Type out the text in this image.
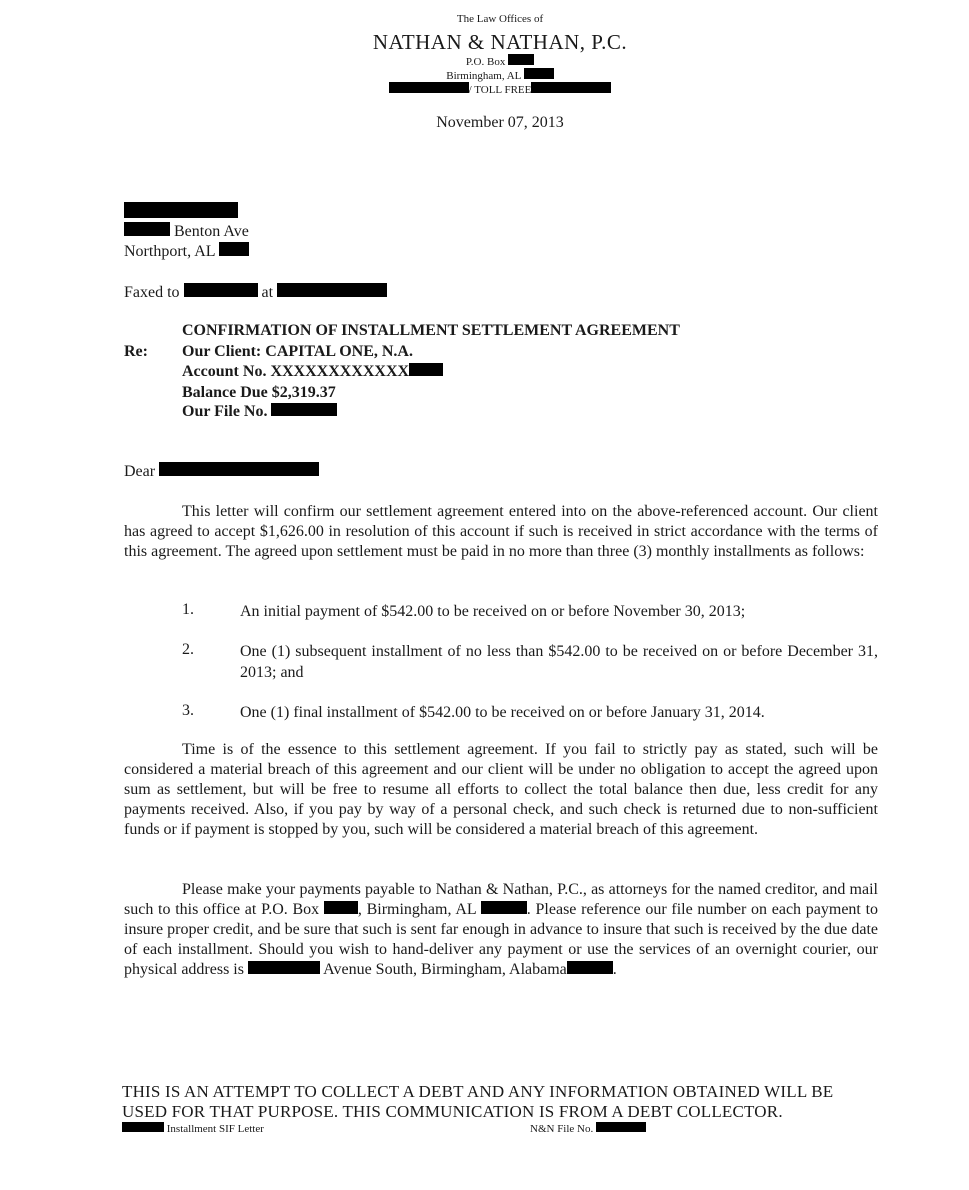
The Law Offices of
NATHAN & NATHAN, P.C.
P.O. Box
Birmingham, AL
/ TOLL FREE
November 07, 2013
Benton Ave
Northport, AL
Faxed to	at
CONFIRMATION OF INSTALLMENT SETTLEMENT AGREEMENT
Re: Our Client: CAPITAL ONE, N.A.
Account No. XXXXXXXXXXXX
Balance Due $2,319.37
Our File No.
Dear

This letter will confirm our settlement agreement entered into on the above-referenced account. Our client has agreed to accept $1,626.00 in resolution of this account if such is received in strict accordance with the terms of this agreement. The agreed upon settlement must be paid in no more than three (3) monthly installments as follows:

1.	An initial payment of $542.00 to be received on or before November 30, 2013;
2.	One (1) subsequent installment of no less than $542.00 to be received on or before December 31, 2013; and
3.	One (1) final installment of $542.00 to be received on or before January 31, 2014.

Time is of the essence to this settlement agreement. If you fail to strictly pay as stated, such will be considered a material breach of this agreement and our client will be under no obligation to accept the agreed upon sum as settlement, but will be free to resume all efforts to collect the total balance then due, less credit for any payments received. Also, if you pay by way of a personal check, and such check is returned due to non-sufficient funds or if payment is stopped by you, such will be considered a material breach of this agreement.

Please make your payments payable to Nathan & Nathan, P.C., as attorneys for the named creditor, and mail such to this office at P.O. Box , Birmingham, AL	. Please reference our file number on each payment to insure proper credit, and be sure that such is sent far enough in advance to insure that such is received by the due date of each installment. Should you wish to hand-deliver any payment or use the services of an overnight courier, our physical address is	Avenue South, Birmingham, Alabama	.

THIS IS AN ATTEMPT TO COLLECT A DEBT AND ANY INFORMATION OBTAINED WILL BE USED FOR THAT PURPOSE. THIS COMMUNICATION IS FROM A DEBT COLLECTOR.
Installment SIF Letter	N&N File No.
